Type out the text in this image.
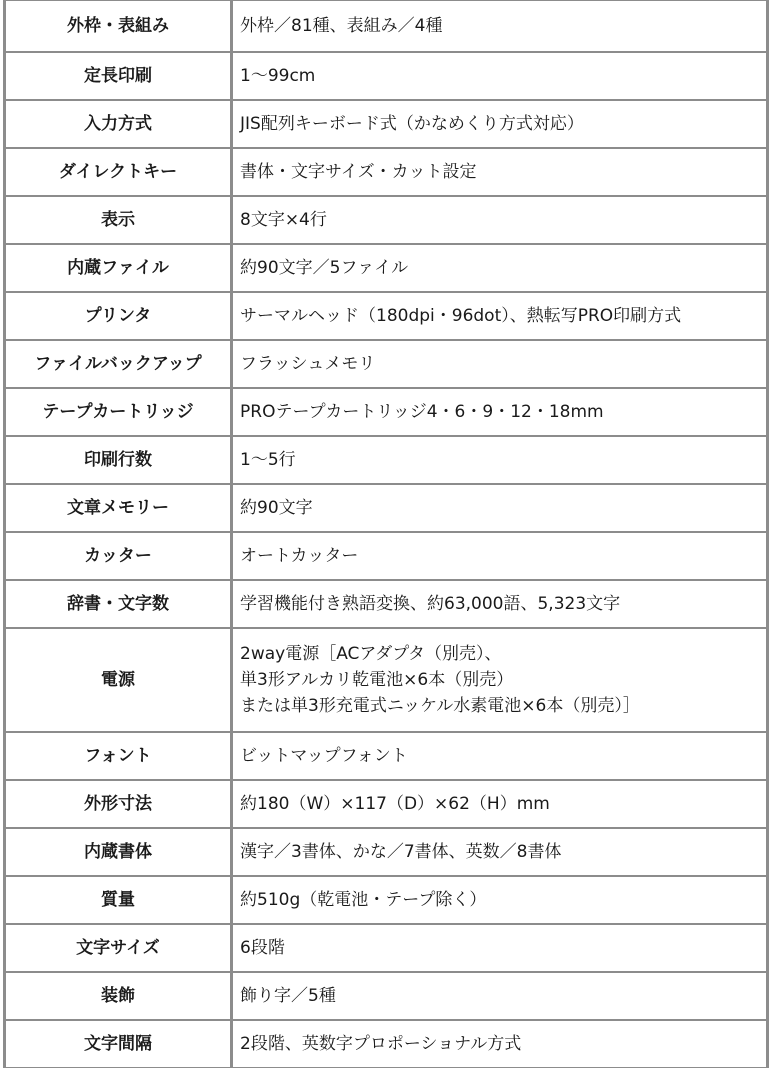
外枠・表組み	外枠／81種、表組み／4種
定長印刷	1～99cm
入力方式	JIS配列キーボード式（かなめくり方式対応）
ダイレクトキー	書体・文字サイズ・カット設定
表示	8文字×4行
内蔵ファイル	約90文字／5ファイル
プリンタ	サーマルヘッド（180dpi・96dot）、熱転写PRO印刷方式
ファイルバックアップ	フラッシュメモリ
テープカートリッジ	PROテープカートリッジ4・6・9・12・18mm
印刷行数	1～5行
文章メモリー	約90文字
カッター	オートカッター
辞書・文字数	学習機能付き熟語変換、約63,000語、5,323文字
電源	2way電源［ACアダプタ（別売）、
単3形アルカリ乾電池×6本（別売）
または単3形充電式ニッケル水素電池×6本（別売）］

フォント	ビットマップフォント
外形寸法	約180（W）×117（D）×62（H）mm
内蔵書体	漢字／3書体、かな／7書体、英数／8書体
質量	約510g（乾電池・テープ除く）
文字サイズ	6段階
装飾	飾り字／5種
文字間隔	2段階、英数字プロポーショナル方式
